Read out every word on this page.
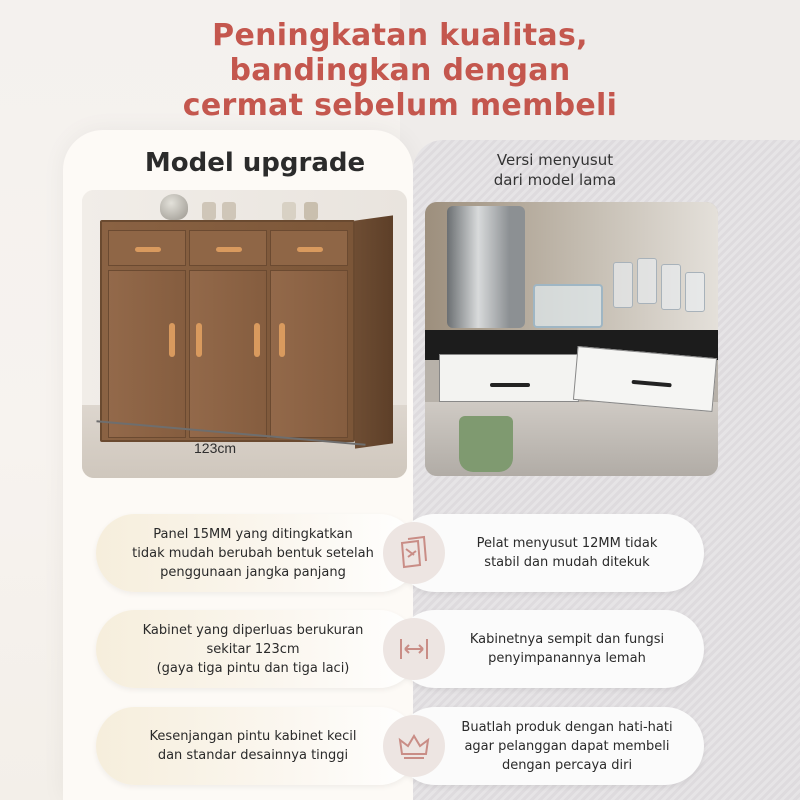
Peningkatan kualitas,
bandingkan dengan
cermat sebelum membeli
Model upgrade	Versi menyusut
dari model lama
123cm
Pelat menyusut 12MM tidak
stabil dan mudah ditekuk
Panel 15MM yang ditingkatkan
tidak mudah berubah bentuk setelah
penggunaan jangka panjang
Kabinetnya sempit dan fungsi
penyimpanannya lemah
Kabinet yang diperluas berukuran
sekitar 123cm
(gaya tiga pintu dan tiga laci)
Buatlah produk dengan hati-hati
agar pelanggan dapat membeli
dengan percaya diri
Kesenjangan pintu kabinet kecil
dan standar desainnya tinggi
